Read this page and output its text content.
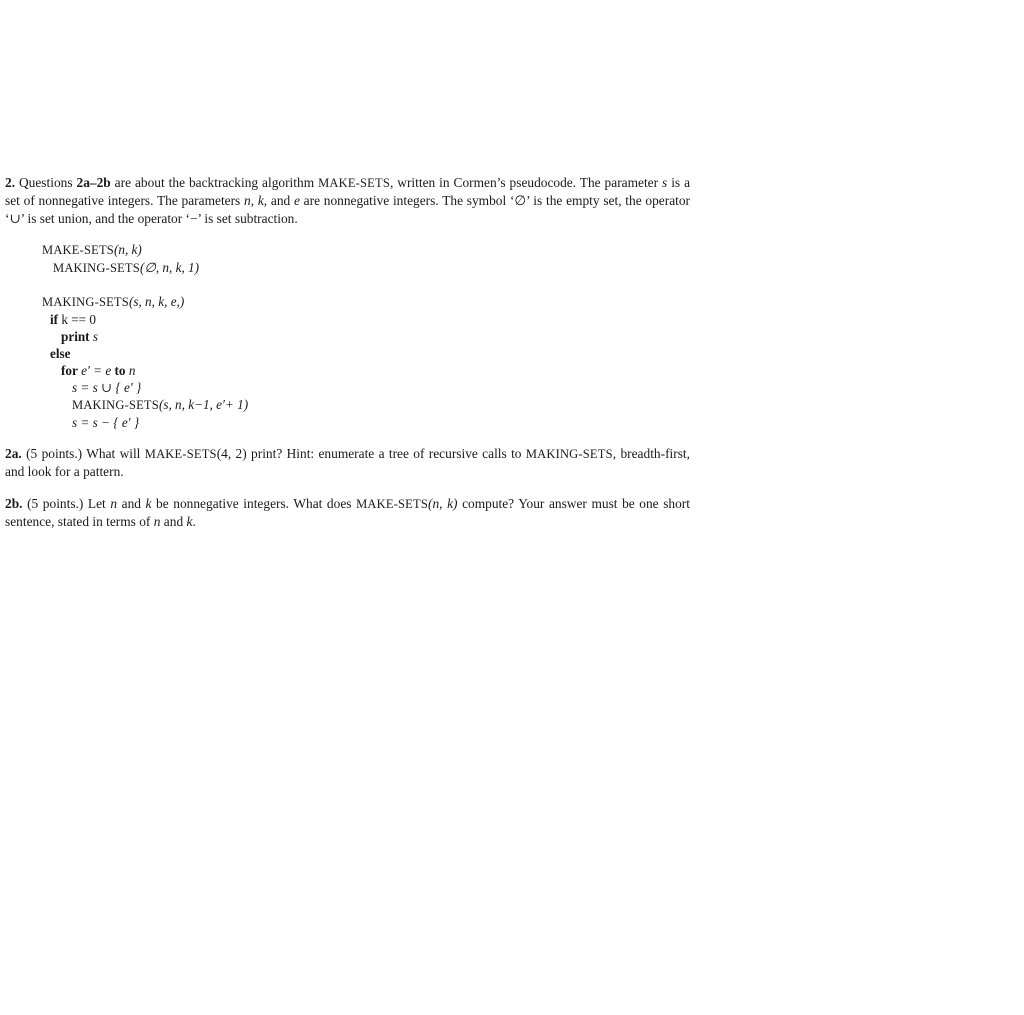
2. Questions 2a–2b are about the backtracking algorithm MAKE-SETS, written in Cormen’s pseudocode. The parameter s is a set of nonnegative integers. The parameters n, k, and e are nonnegative integers. The symbol ‘∅’ is the empty set, the operator ‘∪’ is set union, and the operator ‘−’ is set subtraction.

MAKE-SETS(n, k)
MAKING-SETS(∅, n, k, 1)
MAKING-SETS(s, n, k, e,)
if k == 0
print s
else
for e′ = e to n
s = s ∪ { e′ }
MAKING-SETS(s, n, k−1, e′+ 1)
s = s − { e′ }

2a. (5 points.) What will MAKE-SETS(4, 2) print? Hint: enumerate a tree of recursive calls to MAKING-SETS, breadth-first, and look for a pattern.

2b. (5 points.) Let n and k be nonnegative integers. What does MAKE-SETS(n, k) compute? Your answer must be one short sentence, stated in terms of n and k.
